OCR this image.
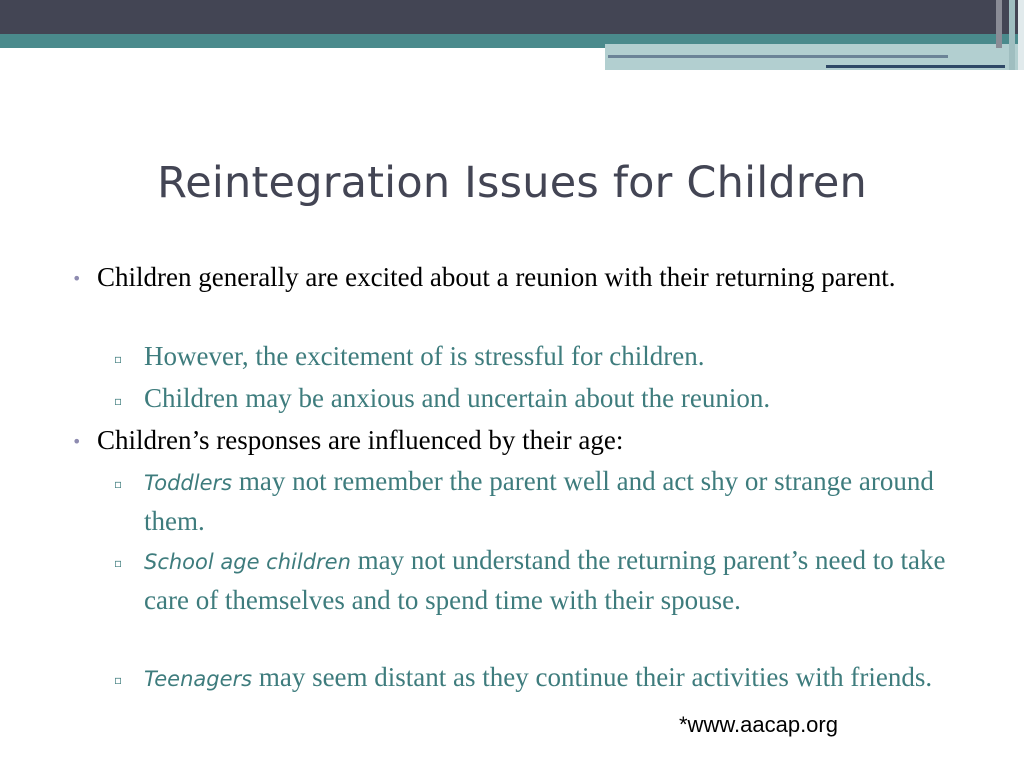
Reintegration Issues for Children

• Children generally are excited about a reunion with their returning parent.

▫ However, the excitement of is stressful for children.

▫ Children may be anxious and uncertain about the reunion.

• Children’s responses are influenced by their age:

▫ Toddlers may not remember the parent well and act shy or strange around them.

▫ School age children may not understand the returning parent’s need to take care of themselves and to spend time with their spouse.

▫ Teenagers may seem distant as they continue their activities with friends.

*www.aacap.org
